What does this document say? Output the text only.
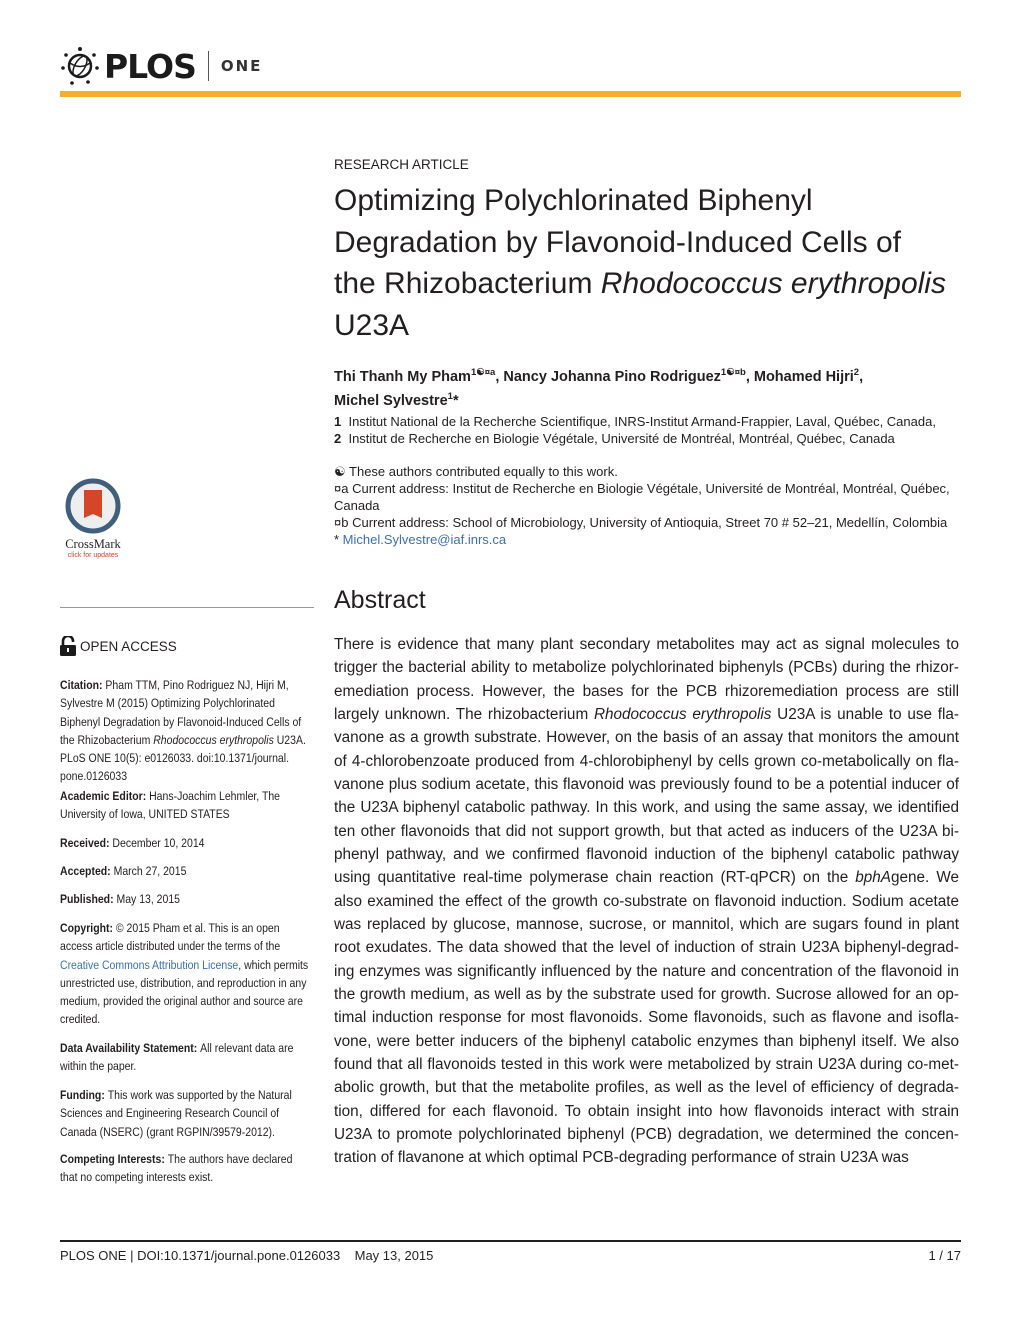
PLOS ONE
RESEARCH ARTICLE
Optimizing Polychlorinated Biphenyl
Degradation by Flavonoid-Induced Cells of
the Rhizobacterium Rhodococcus erythropolis
U23A
Thi Thanh My Pham$^{1☯¤a}$, Nancy Johanna Pino Rodriguez$^{1☯¤b}$, Mohamed Hijri$^2$,
Michel Sylvestre$^1$*
1 Institut National de la Recherche Scientifique, INRS-Institut Armand-Frappier, Laval, Québec, Canada,
2 Institut de Recherche en Biologie Végétale, Université de Montréal, Montréal, Québec, Canada
☯ These authors contributed equally to this work.
¤a Current address: Institut de Recherche en Biologie Végétale, Université de Montréal, Montréal, Québec, Canada
¤b Current address: School of Microbiology, University of Antioquia, Street 70 # 52–21, Medellín, Colombia
* Michel.Sylvestre@iaf.inrs.ca
CrossMark
click for updates
OPEN ACCESS
Citation: Pham TTM, Pino Rodriguez NJ, Hijri M,
Sylvestre M (2015) Optimizing Polychlorinated
Biphenyl Degradation by Flavonoid-Induced Cells of
the Rhizobacterium Rhodococcus erythropolis U23A.
PLoS ONE 10(5): e0126033. doi:10.1371/journal.
pone.0126033
Academic Editor: Hans-Joachim Lehmler, The
University of Iowa, UNITED STATES
Received: December 10, 2014
Accepted: March 27, 2015
Published: May 13, 2015
Copyright: © 2015 Pham et al. This is an open
access article distributed under the terms of the
Creative Commons Attribution License, which permits
unrestricted use, distribution, and reproduction in any
medium, provided the original author and source are
credited.
Data Availability Statement: All relevant data are
within the paper.
Funding: This work was supported by the Natural
Sciences and Engineering Research Council of
Canada (NSERC) (grant RGPIN/39579-2012).
Competing Interests: The authors have declared
that no competing interests exist.
Abstract
There is evidence that many plant secondary metabolites may act as signal molecules to
trigger the bacterial ability to metabolize polychlorinated biphenyls (PCBs) during the rhizor-
emediation process. However, the bases for the PCB rhizoremediation process are still
largely unknown. The rhizobacterium Rhodococcus erythropolis U23A is unable to use fla-
vanone as a growth substrate. However, on the basis of an assay that monitors the amount
of 4-chlorobenzoate produced from 4-chlorobiphenyl by cells grown co-metabolically on fla-
vanone plus sodium acetate, this flavonoid was previously found to be a potential inducer of
the U23A biphenyl catabolic pathway. In this work, and using the same assay, we identified
ten other flavonoids that did not support growth, but that acted as inducers of the U23A bi-
phenyl pathway, and we confirmed flavonoid induction of the biphenyl catabolic pathway
using quantitative real-time polymerase chain reaction (RT-qPCR) on the bphAgene. We
also examined the effect of the growth co-substrate on flavonoid induction. Sodium acetate
was replaced by glucose, mannose, sucrose, or mannitol, which are sugars found in plant
root exudates. The data showed that the level of induction of strain U23A biphenyl-degrad-
ing enzymes was significantly influenced by the nature and concentration of the flavonoid in
the growth medium, as well as by the substrate used for growth. Sucrose allowed for an op-
timal induction response for most flavonoids. Some flavonoids, such as flavone and isofla-
vone, were better inducers of the biphenyl catabolic enzymes than biphenyl itself. We also
found that all flavonoids tested in this work were metabolized by strain U23A during co-met-
abolic growth, but that the metabolite profiles, as well as the level of efficiency of degrada-
tion, differed for each flavonoid. To obtain insight into how flavonoids interact with strain
U23A to promote polychlorinated biphenyl (PCB) degradation, we determined the concen-
tration of flavanone at which optimal PCB-degrading performance of strain U23A was
PLOS ONE | DOI:10.1371/journal.pone.0126033    May 13, 2015	1 / 17
